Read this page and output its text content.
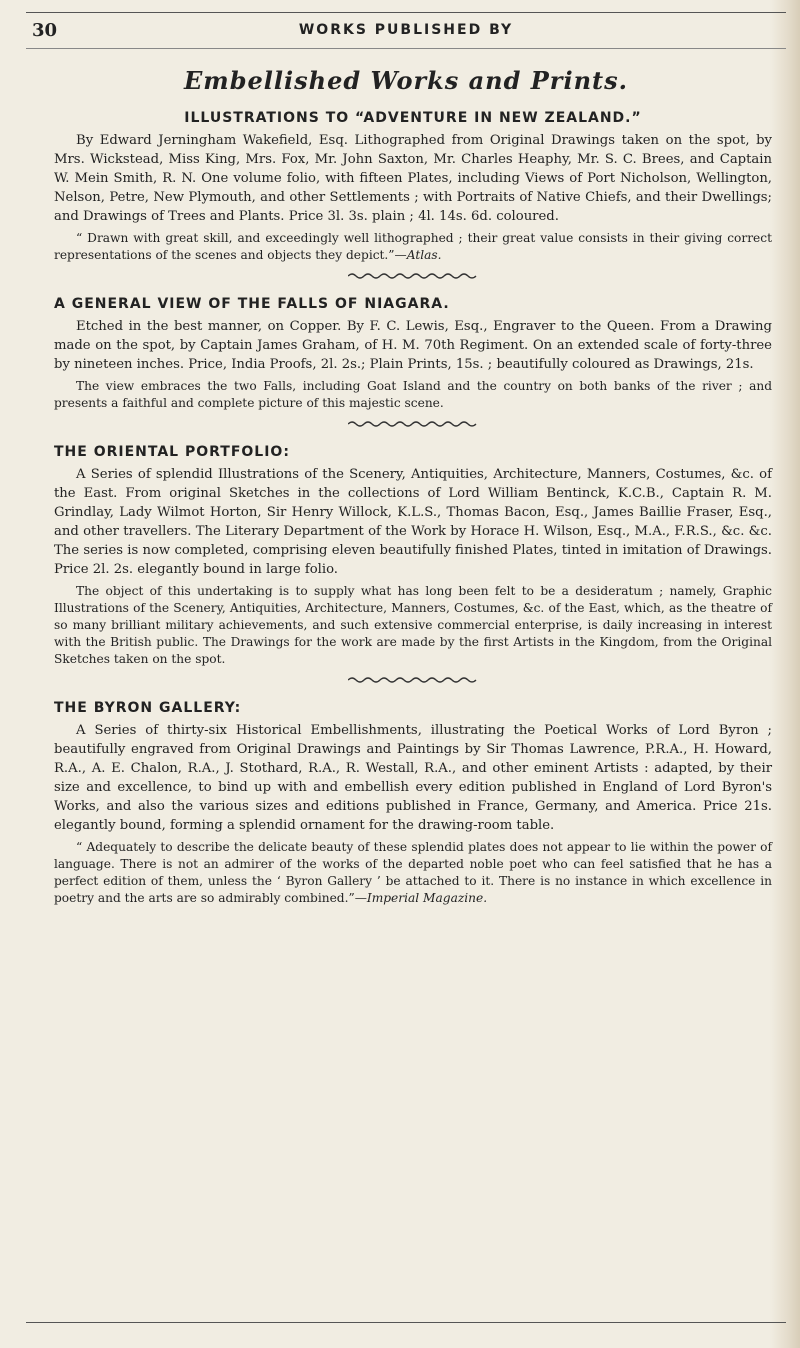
30	WORKS PUBLISHED BY
Embellished Works and Prints.
ILLUSTRATIONS TO “ADVENTURE IN NEW ZEALAND.”

By Edward Jerningham Wakefield, Esq. Lithographed from Original Drawings taken on the spot, by Mrs. Wickstead, Miss King, Mrs. Fox, Mr. John Saxton, Mr. Charles Heaphy, Mr. S. C. Brees, and Captain W. Mein Smith, R. N. One volume folio, with fifteen Plates, including Views of Port Nicholson, Wellington, Nelson, Petre, New Plymouth, and other Settlements ; with Portraits of Native Chiefs, and their Dwellings; and Drawings of Trees and Plants. Price 3l. 3s. plain ; 4l. 14s. 6d. coloured.

“ Drawn with great skill, and exceedingly well lithographed ; their great value consists in their giving correct representations of the scenes and objects they depict.”—Atlas.

A GENERAL VIEW OF THE FALLS OF NIAGARA.

Etched in the best manner, on Copper. By F. C. Lewis, Esq., Engraver to the Queen. From a Drawing made on the spot, by Captain James Graham, of H. M. 70th Regiment. On an extended scale of forty-three by nineteen inches. Price, India Proofs, 2l. 2s.; Plain Prints, 15s. ; beautifully coloured as Drawings, 21s.

The view embraces the two Falls, including Goat Island and the country on both banks of the river ; and presents a faithful and complete picture of this majestic scene.

THE ORIENTAL PORTFOLIO:

A Series of splendid Illustrations of the Scenery, Antiquities, Architecture, Manners, Costumes, &c. of the East. From original Sketches in the collections of Lord William Bentinck, K.C.B., Captain R. M. Grindlay, Lady Wilmot Horton, Sir Henry Willock, K.L.S., Thomas Bacon, Esq., James Baillie Fraser, Esq., and other travellers. The Literary Department of the Work by Horace H. Wilson, Esq., M.A., F.R.S., &c. &c. The series is now completed, comprising eleven beautifully finished Plates, tinted in imitation of Drawings. Price 2l. 2s. elegantly bound in large folio.

The object of this undertaking is to supply what has long been felt to be a desideratum ; namely, Graphic Illustrations of the Scenery, Antiquities, Architecture, Manners, Costumes, &c. of the East, which, as the theatre of so many brilliant military achievements, and such extensive commercial enterprise, is daily increasing in interest with the British public. The Drawings for the work are made by the first Artists in the Kingdom, from the Original Sketches taken on the spot.

THE BYRON GALLERY:

A Series of thirty-six Historical Embellishments, illustrating the Poetical Works of Lord Byron ; beautifully engraved from Original Drawings and Paintings by Sir Thomas Lawrence, P.R.A., H. Howard, R.A., A. E. Chalon, R.A., J. Stothard, R.A., R. Westall, R.A., and other eminent Artists : adapted, by their size and excellence, to bind up with and embellish every edition published in England of Lord Byron's Works, and also the various sizes and editions published in France, Germany, and America. Price 21s. elegantly bound, forming a splendid ornament for the drawing-room table.

“ Adequately to describe the delicate beauty of these splendid plates does not appear to lie within the power of language. There is not an admirer of the works of the departed noble poet who can feel satisfied that he has a perfect edition of them, unless the ‘ Byron Gallery ’ be attached to it. There is no instance in which excellence in poetry and the arts are so admirably combined.”—Imperial Magazine.
